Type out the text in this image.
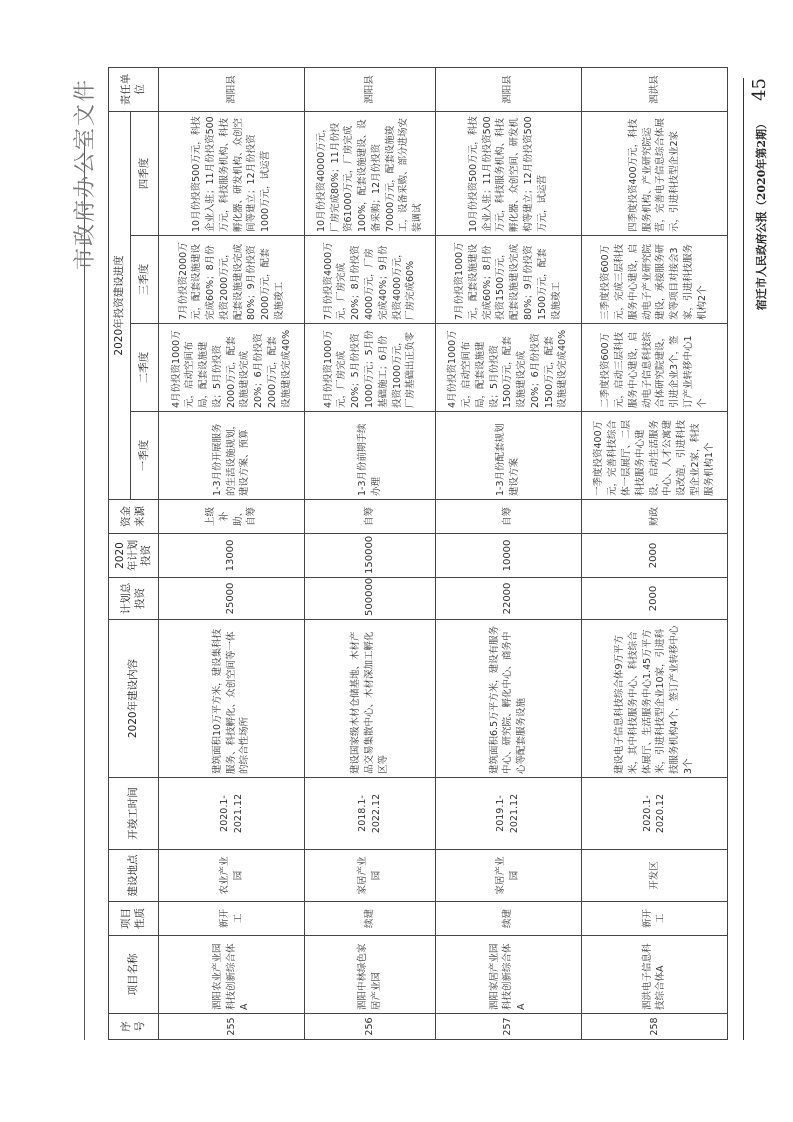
市政府办公室文件	宿迁市人民政府公报（2020年第2期）
45
序号	项目名称	项目性质	建设地点	开竣工时间	2020年建设内容	计划总投资	2020年计划投资	资金来源	2020年投资建设进度				责任单位
									一季度	二季度	三季度	四季度	
255	泗阳农业产业园科技创新综合体A	新开工	农业产业园	2020.1-2021.12	建筑面积10万平方米，建设集科技服务、科技孵化、众创空间等一体的综合性场所	25000	13000	上级补助、自筹	1-3月份开展服务的生活设施规划，建设方案、预算	4月份投资1000万元，启动空间布局，配套设施建设；5月份投资2000万元，配套设施建设完成20%；6月份投资2000万元，配套设施建设完成40%	7月份投资2000万元，配套设施建设完成60%；8月份投资2000万元，配套设施建设完成80%；9月份投资2000万元，配套设施竣工	10月份投资500万元，科技企业入驻；11月份投资500万元，科技服务机构、科技孵化器、研发机构、众创空间等建立；12月份投资1000万元，试运营	泗阳县
256	泗阳中林绿色家居产业园	续建	家居产业园	2018.1-2022.12	建设国家级木材仓储基地、木材产品交易集散中心、木材深加工孵化区等	500000	150000	自筹	1-3月份前期手续办理	4月份投资1000万元，厂房完成20%；5月份投资1000万元；5月份基础施工；6月份投资1000万元，厂房基础出正负零	7月份投资4000万元，厂房完成20%；8月份投资4000万元，厂房完成40%；9月份投资4000万元，厂房完成60%	10月份投资40000万元，厂房完成80%；11月份投资61000万元，厂房完成100%，配套设施建设、设备采购；12月份投资70000万元，配套设施竣工，设备采购、部分进场安装调试	泗阳县
257	泗阳家居产业园科技创新综合体A	续建	家居产业园	2019.1-2021.12	建筑面积6.5万平方米，建设有服务中心、研究院、孵化中心、商务中心等配套服务设施	22000	10000	自筹	1-3月份配套规划建设方案	4月份投资1000万元，启动空间布局，配套设施建设；5月份投资1500万元，配套设施建设完成20%；6月份投资1500万元，配套设施建设完成40%	7月份投资1000万元，配套设施建设完成60%；8月份投资1500万元，配套设施建设完成80%；9月份投资1500万元，配套设施竣工	10月份投资500万元，科技企业入驻；11月份投资500万元，科技服务机构、科技孵化器、众创空间、研发机构等建立；12月份投资500万元，试运营	泗阳县
258	泗洪电子信息科技综合体A	新开工	开发区	2020.1-2020.12	建设电子信息科技综合体9万平方米，其中科技服务中心、科技综合体展厅、生活服务中心1.45万平方米，引进科技型企业10家，引进科技服务机构4个，签订产业转移中心3个	2000	2000	财政	一季度投资400万元，完善科技综合体一层展厅、二层科技服务中心建设，启动生活服务中心、人才公寓建设改造，引进科技型企业2家，科技服务机构1个	二季度投资600万元，启动三层科技服务中心建设，启动电子信息科技综合体研究院建设，引进企业3个，签订产业转移中心1个	三季度投资600万元，完成三层科技服务中心建设，启动电子产业研究院建设，承接服务研发等项目对接会3家，引进科技服务机构2个	四季度投资400万元，科技服务机构、产业研究院运营，完善电子信息综合体展示，引进科技型企业2家	泗洪县
